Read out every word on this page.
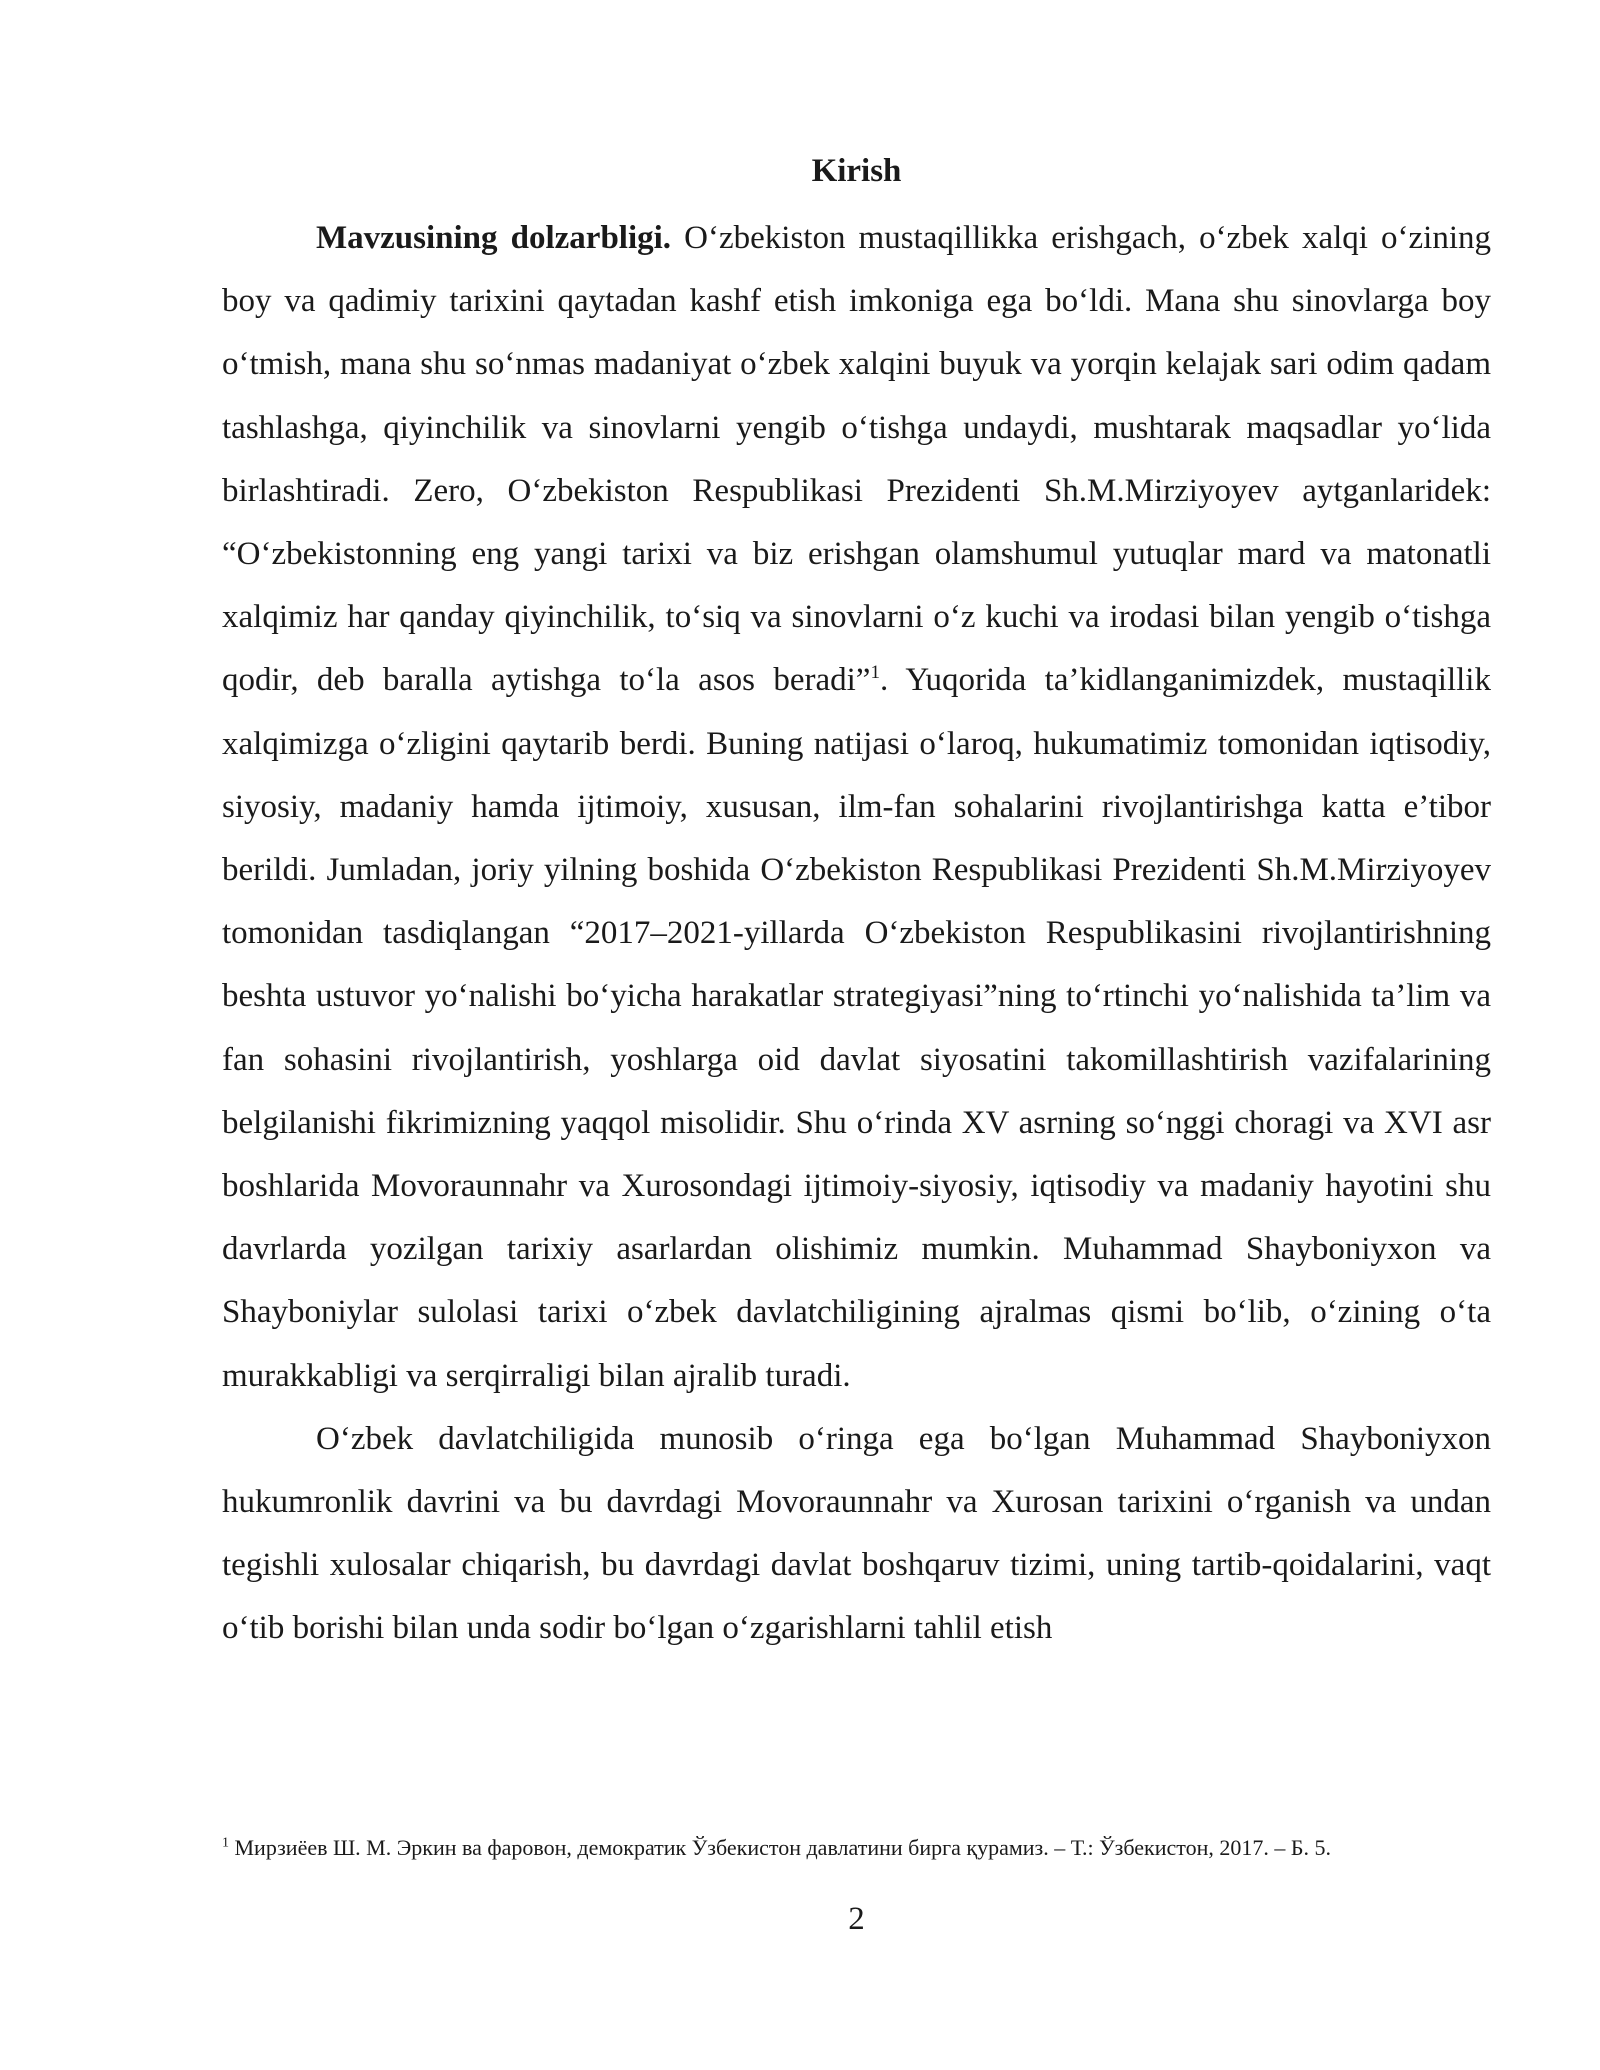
Kirish

Mavzusining dolzarbligi. O‘zbekiston mustaqillikka erishgach, o‘zbek xalqi o‘zining boy va qadimiy tarixini qaytadan kashf etish imkoniga ega bo‘ldi. Mana shu sinovlarga boy o‘tmish, mana shu so‘nmas madaniyat o‘zbek xalqini buyuk va yorqin kelajak sari odim qadam tashlashga, qiyinchilik va sinovlarni yengib o‘tishga undaydi, mushtarak maqsadlar yo‘lida birlashtiradi. Zero, O‘zbekiston Respublikasi Prezidenti Sh.M.Mirziyoyev aytganlaridek: “O‘zbekistonning eng yangi tarixi va biz erishgan olamshumul yutuqlar mard va matonatli xalqimiz har qanday qiyinchilik, to‘siq va sinovlarni o‘z kuchi va irodasi bilan yengib o‘tishga qodir, deb baralla aytishga to‘la asos beradi”$^1$. Yuqorida ta’kidlanganimizdek, mustaqillik xalqimizga o‘zligini qaytarib berdi. Buning natijasi o‘laroq, hukumatimiz tomonidan iqtisodiy, siyosiy, madaniy hamda ijtimoiy, xususan, ilm-fan sohalarini rivojlantirishga katta e’tibor berildi. Jumladan, joriy yilning boshida O‘zbekiston Respublikasi Prezidenti Sh.M.Mirziyoyev tomonidan tasdiqlangan “2017–2021-yillarda O‘zbekiston Respublikasini rivojlantirishning beshta ustuvor yo‘nalishi bo‘yicha harakatlar strategiyasi”ning to‘rtinchi yo‘nalishida ta’lim va fan sohasini rivojlantirish, yoshlarga oid davlat siyosatini takomillashtirish vazifalarining belgilanishi fikrimizning yaqqol misolidir. Shu o‘rinda XV asrning so‘nggi choragi va XVI asr boshlarida Movoraunnahr va Xurosondagi ijtimoiy-siyosiy, iqtisodiy va madaniy hayotini shu davrlarda yozilgan tarixiy asarlardan olishimiz mumkin. Muhammad Shayboniyxon va Shayboniylar sulolasi tarixi o‘zbek davlatchiligining ajralmas qismi bo‘lib, o‘zining o‘ta murakkabligi va serqirraligi bilan ajralib turadi.

O‘zbek davlatchiligida munosib o‘ringa ega bo‘lgan Muhammad Shayboniyxon hukumronlik davrini va bu davrdagi Movoraunnahr va Xurosan tarixini o‘rganish va undan tegishli xulosalar chiqarish, bu davrdagi davlat boshqaruv tizimi, uning tartib-qoidalarini, vaqt o‘tib borishi bilan unda sodir bo‘lgan o‘zgarishlarni tahlil etish

$^1$ Мирзиёев Ш. М. Эркин ва фаровон, демократик Ўзбекистон давлатини бирга қурамиз. – Т.: Ўзбекистон, 2017. – Б. 5.
2
